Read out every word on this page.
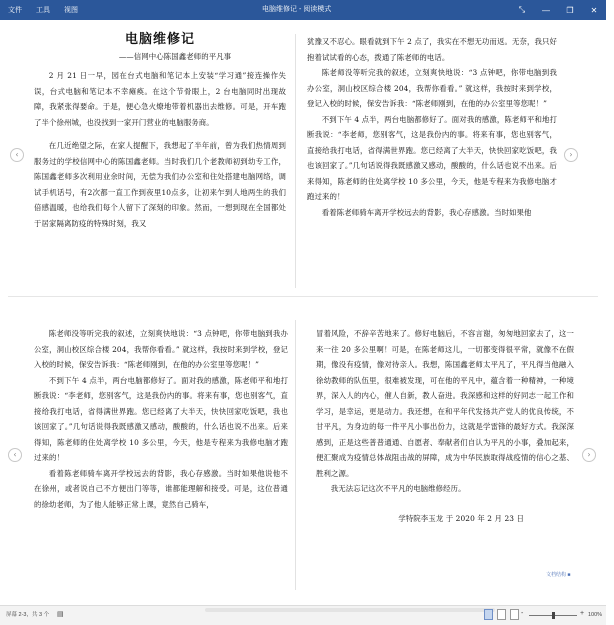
文件 工具 视图	电脑维修记 - 阅读模式	⤡	—	❐	✕
电脑维修记
——信网中心陈国鑫老师的平凡事

2 月 21 日一早，园在台式电脑和笔记本上安装“学习通”接连操作失误，台式电脑和笔记本不幸瘫痪。在这个节骨眼上，2 台电脑同时出现故障，我紧张得要命。于是，便心急火燎地带着机器出去维修。可是，开车跑了半个徐州城，也没找到一家开门营业的电脑服务商。

在几近绝望之际，在家人提醒下，我想起了半年前，曾为我们热情周到服务过的学校信网中心的陈国鑫老师。当时我们几个老教师初到幼专工作，陈国鑫老师多次利用业余时间，无偿为我们办公室和住处搭建电脑网络，调试手机话号，有2次都一直工作到夜里10点多，让初来乍到人地两生的我们倍感温暖，也给我们每个人留下了深刻的印象。然而，一想到现在全国都处于居家隔离防疫的特殊时刻，我又

犹豫又不忍心。眼看就到下午 2 点了，我实在不想无功而返。无奈，我只好抱着试试看的心态，拨通了陈老师的电话。

陈老师没等听完我的叙述，立刻爽快地说：“3 点钟吧，你带电脑到我办公室，洞山校区综合楼 204，我帮你看看。” 就这样，我按时来到学校，登记入校的时候，保安告诉我：“陈老师刚到，在他的办公室里等您呢！”

不到下午 4 点半，两台电脑都修好了。面对我的感激，陈老师平和地打断我说：“李老师，您别客气，这是我份内的事。将来有事，您也别客气，直接给我打电话，省得满世界跑。您已经离了大半天，快快回家吃饭吧，我也该回家了。”几句话说得我既感激又感动，酸酸的，什么话也说不出来。后来得知，陈老师的住处离学校 10 多公里，今天，他是专程来为我修电脑才跑过来的！

看着陈老师骑车离开学校远去的背影，我心存感激。当时如果他

陈老师没等听完我的叙述，立刻爽快地说：“3 点钟吧，你带电脑到我办公室，洞山校区综合楼 204，我帮你看看。” 就这样，我按时来到学校，登记入校的时候，保安告诉我：“陈老师刚到，在他的办公室里等您呢！”

不到下午 4 点半，两台电脑都修好了。面对我的感激，陈老师平和地打断我说：“李老师，您别客气，这是我份内的事。将来有事，您也别客气，直接给我打电话，省得满世界跑。您已经离了大半天，快快回家吃饭吧，我也该回家了。”几句话说得我既感激又感动，酸酸的，什么话也说不出来。后来得知，陈老师的住处离学校 10 多公里，今天，他是专程来为我修电脑才跑过来的！

看着陈老师骑车离开学校远去的背影，我心存感激。当时如果他说他不在徐州，或者说自己不方便出门等等，谁都能理解和接受。可是，这位普通的徐幼老师，为了他人能够正常上课，竟然自己骑车，

冒着风险，不辞辛苦地来了。修好电脑后，不容言谢，匆匆地回家去了，这一来一往 20 多公里啊！可是，在陈老师这儿，一切都变得很平常，就像不在假期，像没有疫情，像对待亲人。我想，陈国鑫老师太平凡了，平凡得当他融入徐幼教师的队伍里，很难被发现，可在他的平凡中，蕴含着一种精神，一种境界，深入人的内心，催人自新，教人奋进。我深感和这样的好同志一起工作和学习，是幸运，更是动力。我还想，在和平年代发扬共产党人的优良传统，不甘平凡，为身边的每一件平凡小事出份力，这就是学雷锋的最好方式。我深深感到，正是这些普普通通、自愿者、奉献者们自认为平凡的小事，叠加起来，便汇聚成为疫情总体战阻击战的屏障，成为中华民族取得战疫情的信心之基、胜利之源。

我无法忘记这次不平凡的电脑维修经历。

学特院李玉龙 于 2020 年 2 月 23 日
‹	›
‹	›
文档结构 ■
屏幕 2-3，共 3 个 ▤	-	+ 100%
